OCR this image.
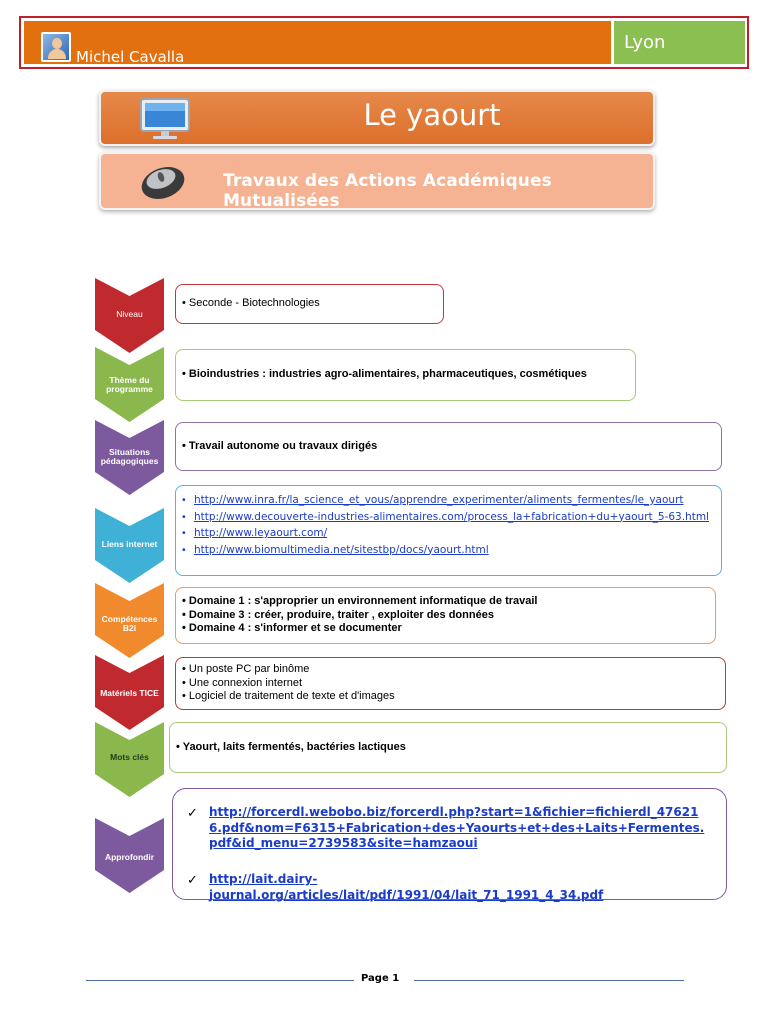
Michel Cavalla
Lyon
Le yaourt
Travaux des Actions Académiques Mutualisées
Niveau
• Seconde - Biotechnologies
Thème du programme
• Bioindustries : industries agro-alimentaires, pharmaceutiques, cosmétiques
Situations pédagogiques
• Travail autonome ou travaux dirigés
Liens internet
• http://www.inra.fr/la_science_et_vous/apprendre_experimenter/aliments_fermentes/le_yaourt
• http://www.decouverte-industries-alimentaires.com/process_la+fabrication+du+yaourt_5-63.html
• http://www.leyaourt.com/
• http://www.biomultimedia.net/sitestbp/docs/yaourt.html
Compétences B2i
• Domaine 1 : s'approprier un environnement informatique de travail
• Domaine 3 : créer, produire, traiter , exploiter des données
• Domaine 4 : s'informer et se documenter
Matériels TICE
• Un poste PC par binôme
• Une connexion internet
• Logiciel de traitement de texte et d'images
Mots clés
• Yaourt, laits fermentés, bactéries lactiques
Approfondir
✓ http://forcerdl.webobo.biz/forcerdl.php?start=1&fichier=fichierdl_476216.pdf&nom=F6315+Fabrication+des+Yaourts+et+des+Laits+Fermentes.pdf&id_menu=2739583&site=hamzaoui
✓ http://lait.dairy-journal.org/articles/lait/pdf/1991/04/lait_71_1991_4_34.pdf
Page 1
